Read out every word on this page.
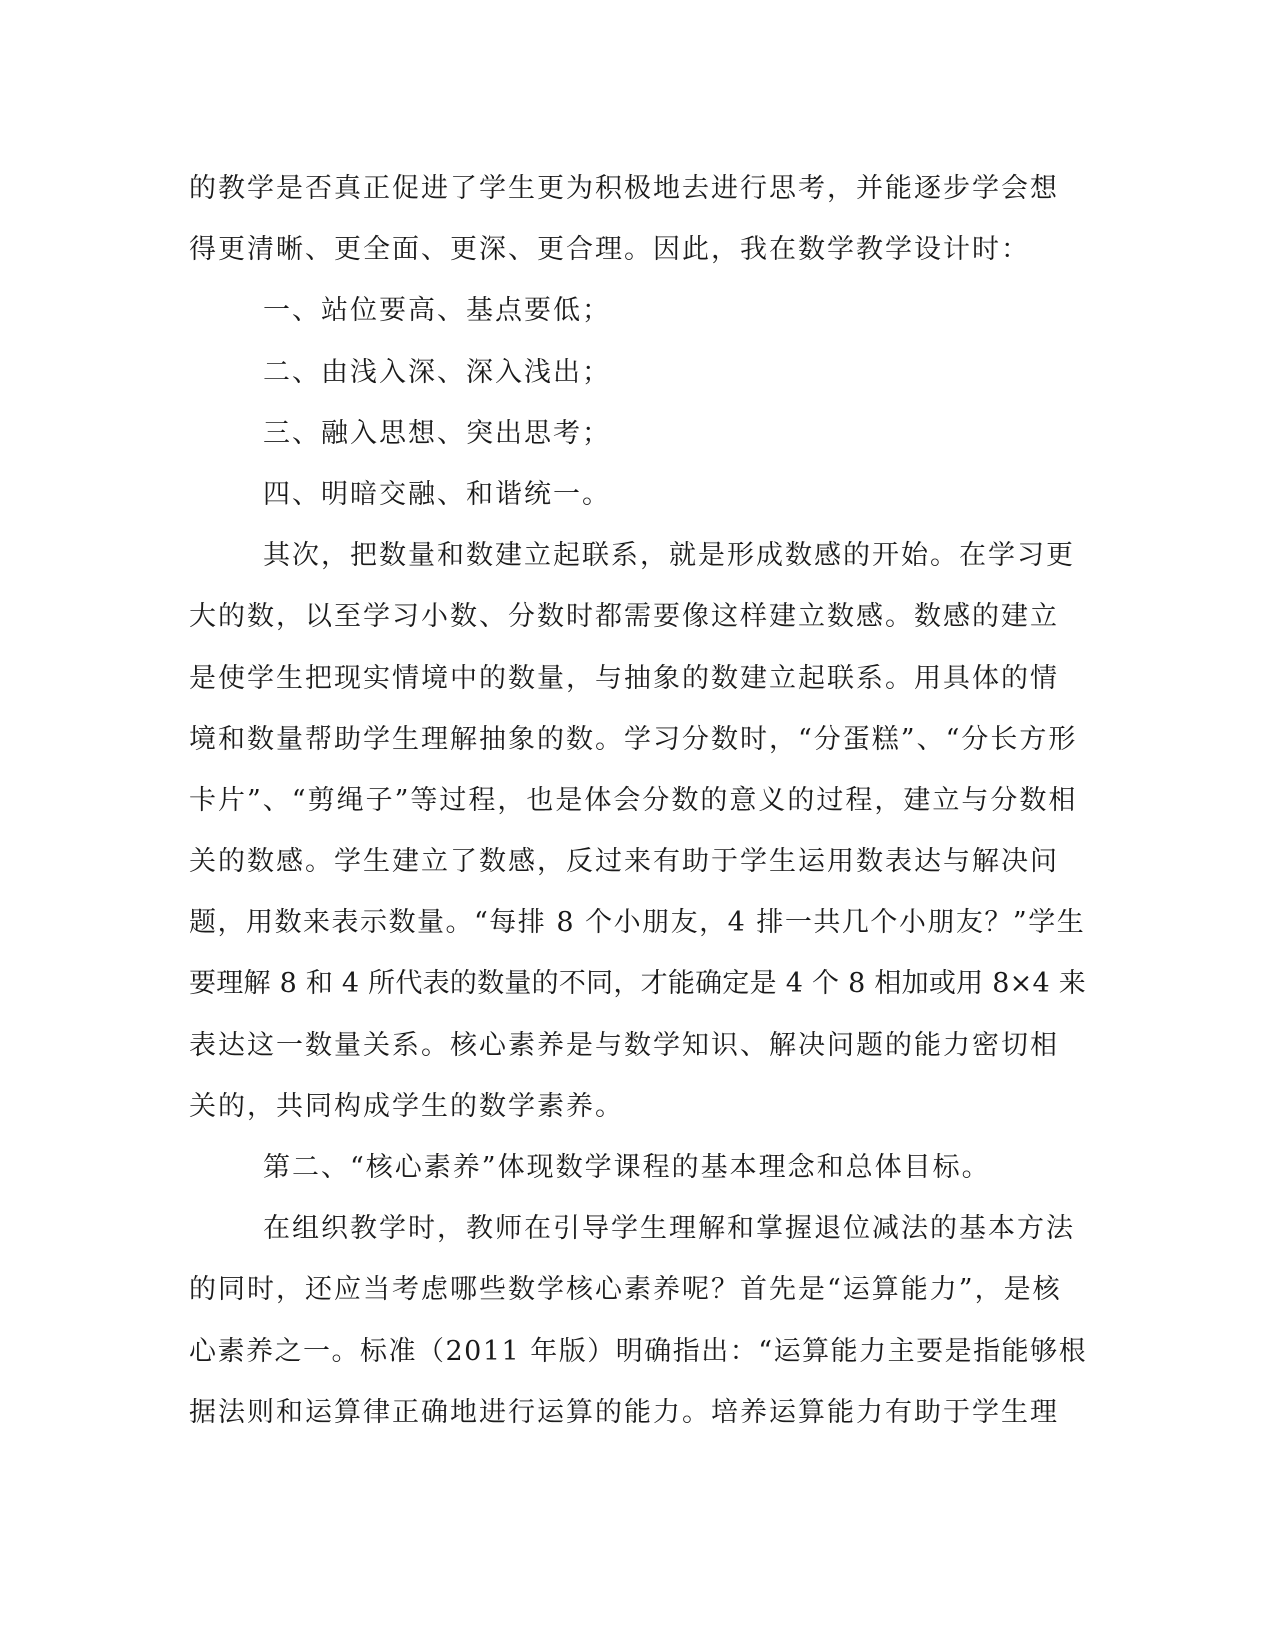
的教学是否真正促进了学生更为积极地去进行思考，并能逐步学会想
得更清晰、更全面、更深、更合理。因此，我在数学教学设计时：
一、站位要高、基点要低；
二、由浅入深、深入浅出；
三、融入思想、突出思考；
四、明暗交融、和谐统一。
其次，把数量和数建立起联系，就是形成数感的开始。在学习更
大的数，以至学习小数、分数时都需要像这样建立数感。数感的建立
是使学生把现实情境中的数量，与抽象的数建立起联系。用具体的情
境和数量帮助学生理解抽象的数。学习分数时，“分蛋糕”、“分长方形
卡片”、“剪绳子”等过程，也是体会分数的意义的过程，建立与分数相
关的数感。学生建立了数感，反过来有助于学生运用数表达与解决问
题，用数来表示数量。“每排 8 个小朋友，4 排一共几个小朋友？”学生
要理解 8 和 4 所代表的数量的不同，才能确定是 4 个 8 相加或用 8×4 来
表达这一数量关系。核心素养是与数学知识、解决问题的能力密切相
关的，共同构成学生的数学素养。
第二、“核心素养”体现数学课程的基本理念和总体目标。
在组织教学时，教师在引导学生理解和掌握退位减法的基本方法
的同时，还应当考虑哪些数学核心素养呢？首先是“运算能力”，是核
心素养之一。标准（2011 年版）明确指出：“运算能力主要是指能够根
据法则和运算律正确地进行运算的能力。培养运算能力有助于学生理
